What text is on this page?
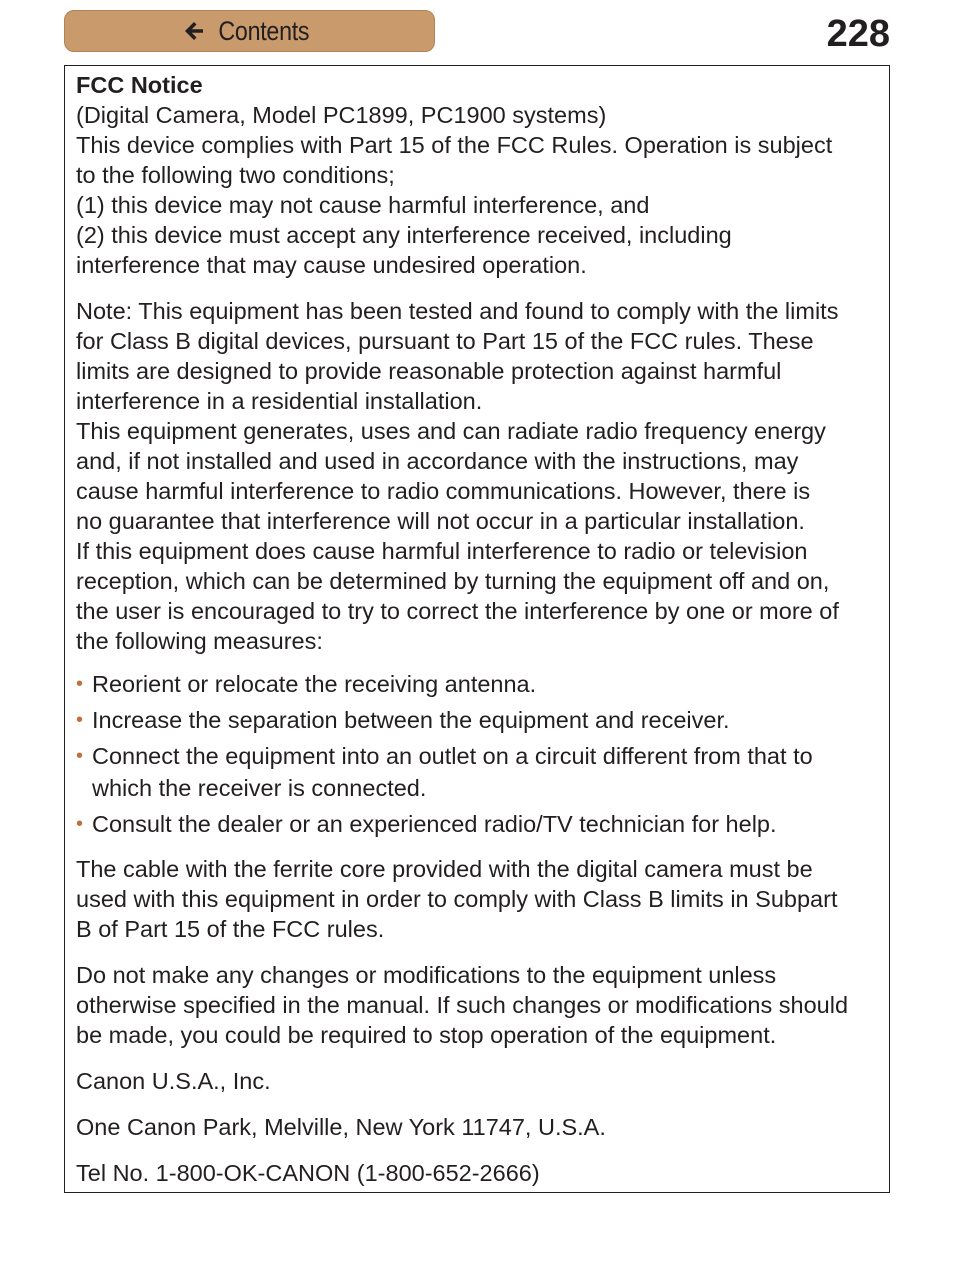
Contents	228

FCC Notice

(Digital Camera, Model PC1899, PC1900 systems)

This device complies with Part 15 of the FCC Rules. Operation is subject

to the following two conditions;

(1) this device may not cause harmful interference, and

(2) this device must accept any interference received, including

interference that may cause undesired operation.

Note: This equipment has been tested and found to comply with the limits

for Class B digital devices, pursuant to Part 15 of the FCC rules. These

limits are designed to provide reasonable protection against harmful

interference in a residential installation.

This equipment generates, uses and can radiate radio frequency energy

and, if not installed and used in accordance with the instructions, may

cause harmful interference to radio communications. However, there is

no guarantee that interference will not occur in a particular installation.

If this equipment does cause harmful interference to radio or television

reception, which can be determined by turning the equipment off and on,

the user is encouraged to try to correct the interference by one or more of

the following measures:

• Reorient or relocate the receiving antenna.
• Increase the separation between the equipment and receiver.
• Connect the equipment into an outlet on a circuit different from that to which the receiver is connected.
• Consult the dealer or an experienced radio/TV technician for help.

The cable with the ferrite core provided with the digital camera must be

used with this equipment in order to comply with Class B limits in Subpart

B of Part 15 of the FCC rules.

Do not make any changes or modifications to the equipment unless

otherwise specified in the manual. If such changes or modifications should

be made, you could be required to stop operation of the equipment.

Canon U.S.A., Inc.

One Canon Park, Melville, New York 11747, U.S.A.

Tel No. 1-800-OK-CANON (1-800-652-2666)
